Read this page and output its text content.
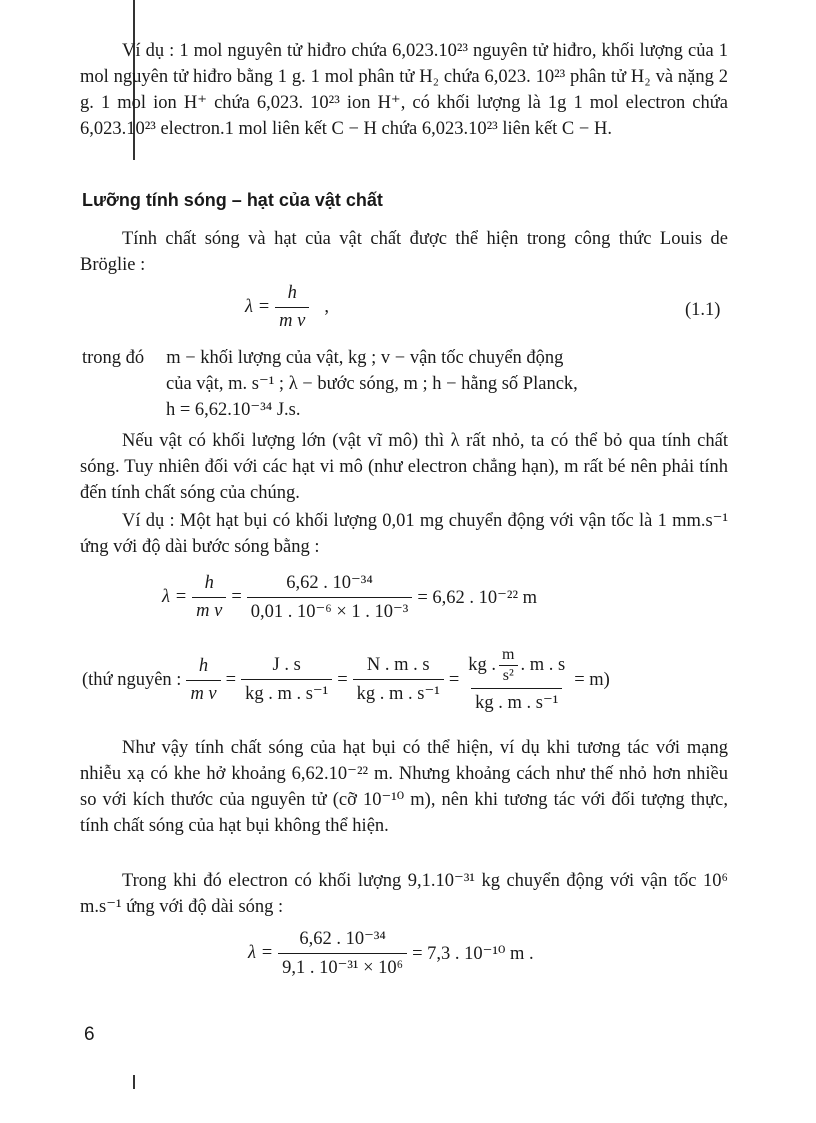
Ví dụ : 1 mol nguyên tử hiđro chứa 6,023.10²³ nguyên tử hiđro, khối lượng của 1 mol nguyên tử hiđro bằng 1 g. 1 mol phân tử H₂ chứa 6,023. 10²³ phân tử H₂ và nặng 2 g. 1 mol ion H⁺ chứa 6,023. 10²³ ion H⁺, có khối lượng là 1g 1 mol electron chứa 6,023.10²³ electron.1 mol liên kết C − H chứa 6,023.10²³ liên kết C − H.

Lưỡng tính sóng – hạt của vật chất

Tính chất sóng và hạt của vật chất được thể hiện trong công thức Louis de Bröglie :

$\lambda = \frac{h}{\text{m v}}$ ,	(1.1)
trong đó m − khối lượng của vật, kg ; v − vận tốc chuyển động
của vật, m. s⁻¹ ; λ − bước sóng, m ; h − hằng số Planck,
h = 6,62.10⁻³⁴ J.s.

Nếu vật có khối lượng lớn (vật vĩ mô) thì λ rất nhỏ, ta có thể bỏ qua tính chất sóng. Tuy nhiên đối với các hạt vi mô (như electron chẳng hạn), m rất bé nên phải tính đến tính chất sóng của chúng.

Ví dụ : Một hạt bụi có khối lượng 0,01 mg chuyển động với vận tốc là 1 mm.s⁻¹ ứng với độ dài bước sóng bằng :

$\lambda = \frac{h}{\text{m v}} = \frac{\text{6,62 . 10⁻³⁴}}{\text{0,01 . 10⁻⁶ × 1 . 10⁻³}} = 6,62$ . 10⁻²² m
(thứ nguyên : $\frac{h}{\text{m v}} = \frac{J . s}{\text{kg . m . s⁻¹}} = \frac{N . m . s}{\text{kg . m . s⁻¹}} = \frac{kg . \frac{m}{\text{s²}} . m . s}{\text{kg . m . s⁻¹}} = m$)

Như vậy tính chất sóng của hạt bụi có thể hiện, ví dụ khi tương tác với mạng nhiễu xạ có khe hở khoảng 6,62.10⁻²² m. Nhưng khoảng cách như thế nhỏ hơn nhiều so với kích thước của nguyên tử (cỡ 10⁻¹⁰ m), nên khi tương tác với đối tượng thực, tính chất sóng của hạt bụi không thể hiện.

Trong khi đó electron có khối lượng 9,1.10⁻³¹ kg chuyển động với vận tốc 10⁶ m.s⁻¹ ứng với độ dài sóng :

$\lambda = \frac{\text{6,62 . 10⁻³⁴}}{\text{9,1 . 10⁻³¹ × 10⁶}} = 7,3$ . 10⁻¹⁰ m .
6
